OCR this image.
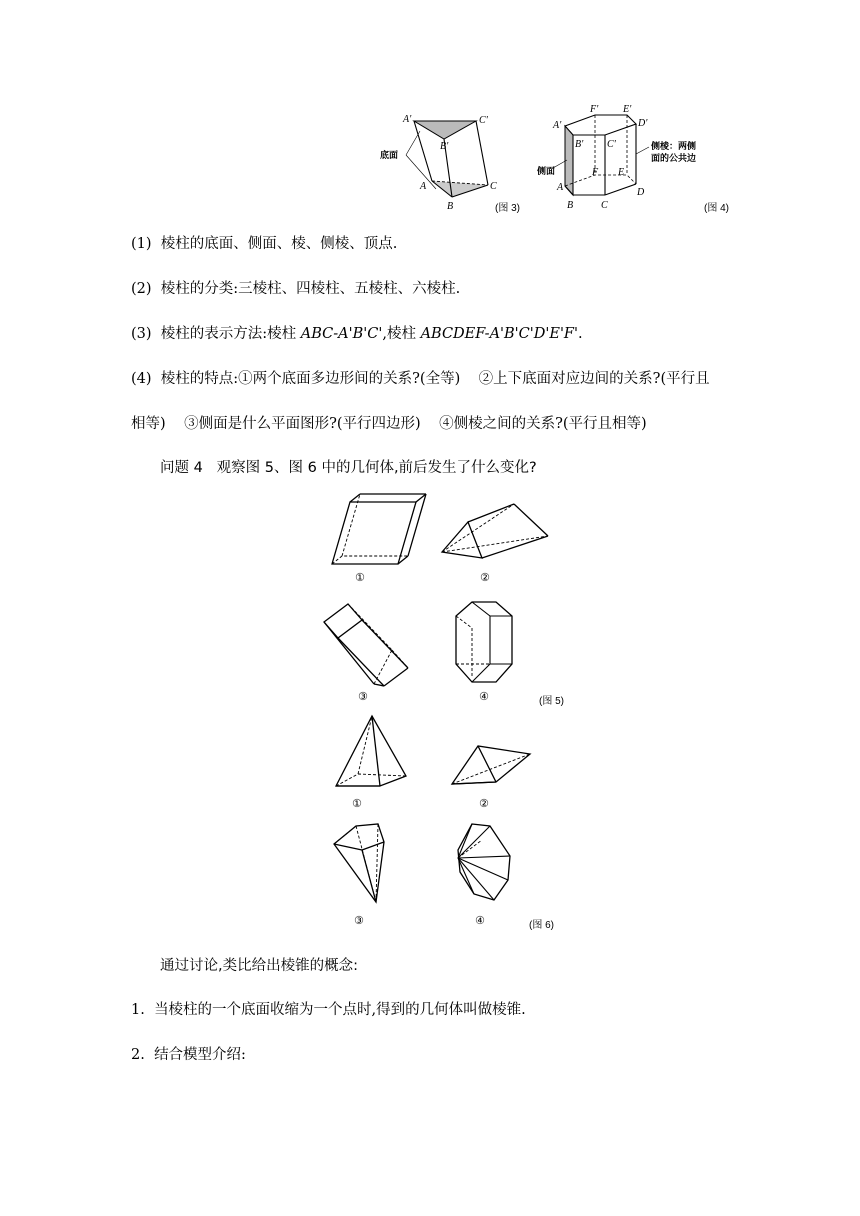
底面
A'
B'
C'
A
B
C
(图 3)
侧棱：两侧
面的公共边
侧面
F' E'
A'	D'
B' C'
F E
A	D
B	C	(图 4)
(1) 棱柱的底面、侧面、棱、侧棱、顶点.
(2) 棱柱的分类:三棱柱、四棱柱、五棱柱、六棱柱.
(3) 棱柱的表示方法:棱柱 ABC-A'B'C',棱柱 ABCDEF-A'B'C'D'E'F'.
(4) 棱柱的特点:①两个底面多边形间的关系?(全等)    ②上下底面对应边间的关系?(平行且
相等)    ③侧面是什么平面图形?(平行四边形)    ④侧棱之间的关系?(平行且相等)
问题 4 观察图 5、图 6 中的几何体,前后发生了什么变化?
①	②
③	④	(图 5)
①	②
④
③	(图 6)
通过讨论,类比给出棱锥的概念:
1. 当棱柱的一个底面收缩为一个点时,得到的几何体叫做棱锥.
2. 结合模型介绍:
